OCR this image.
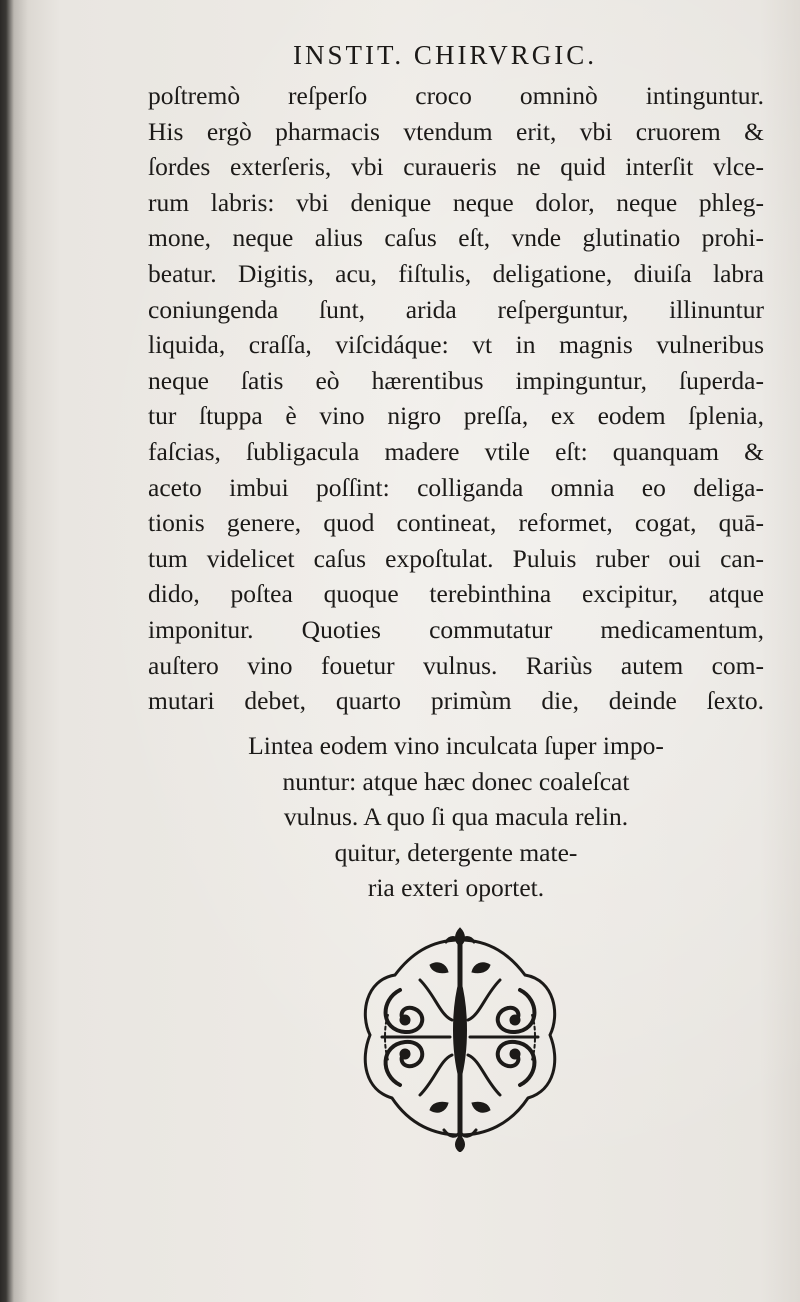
INSTIT. CHIRVRGIC.
poſtremò reſperſo croco omninò intinguntur.
His ergò pharmacis vtendum erit, vbi cruorem &
ſordes exterſeris, vbi curaueris ne quid interſit vlce-
rum labris: vbi denique neque dolor, neque phleg-
mone, neque alius caſus eſt, vnde glutinatio prohi-
beatur. Digitis, acu, fiſtulis, deligatione, diuiſa labra
coniungenda ſunt, arida reſperguntur, illinuntur
liquida, craſſa, viſcidáque: vt in magnis vulneribus
neque ſatis eò hærentibus impinguntur, ſuperda-
tur ſtuppa è vino nigro preſſa, ex eodem ſplenia,
faſcias, ſubligacula madere vtile eſt: quanquam &
aceto imbui poſſint: colliganda omnia eo deliga-
tionis genere, quod contineat, reformet, cogat, quā-
tum videlicet caſus expoſtulat. Puluis ruber oui can-
dido, poſtea quoque terebinthina excipitur, atque
imponitur. Quoties commutatur medicamentum,
auſtero vino fouetur vulnus. Rariùs autem com-
mutari debet, quarto primùm die, deinde ſexto.
Lintea eodem vino inculcata ſuper impo-
nuntur: atque hæc donec coaleſcat
vulnus. A quo ſi qua macula relin.
quitur, detergente mate-
ria exteri oportet.
